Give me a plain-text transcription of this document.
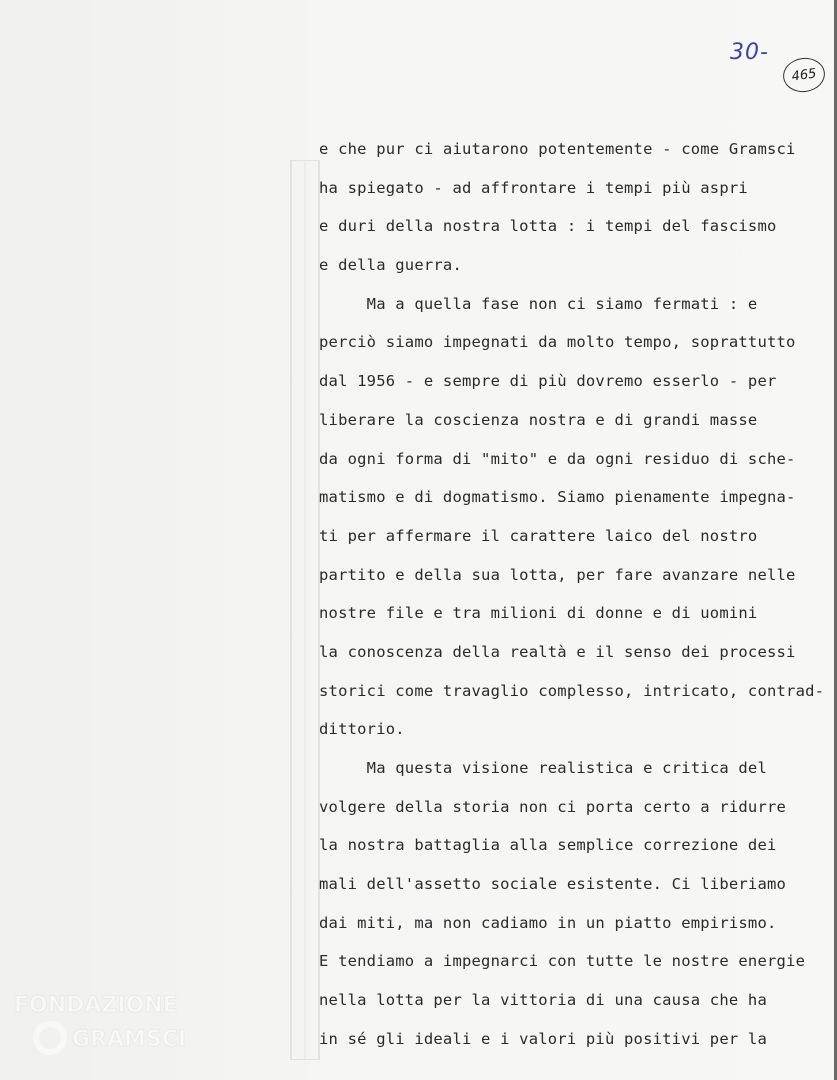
30-
465
e che pur ci aiutarono potentemente - come Gramsci
ha spiegato - ad affrontare i tempi più aspri
e duri della nostra lotta : i tempi del fascismo
e della guerra.
Ma a quella fase non ci siamo fermati : e
perciò siamo impegnati da molto tempo, soprattutto
dal 1956 - e sempre di più dovremo esserlo - per
liberare la coscienza nostra e di grandi masse
da ogni forma di "mito" e da ogni residuo di sche-
matismo e di dogmatismo. Siamo pienamente impegna-
ti per affermare il carattere laico del nostro
partito e della sua lotta, per fare avanzare nelle
nostre file e tra milioni di donne e di uomini
la conoscenza della realtà e il senso dei processi
storici come travaglio complesso, intricato, contrad-
dittorio.
Ma questa visione realistica e critica del
volgere della storia non ci porta certo a ridurre
la nostra battaglia alla semplice correzione dei
mali dell'assetto sociale esistente. Ci liberiamo
dai miti, ma non cadiamo in un piatto empirismo.
E tendiamo a impegnarci con tutte le nostre energie
nella lotta per la vittoria di una causa che ha
in sé gli ideali e i valori più positivi per la
FONDAZIONE
GRAMSCI
